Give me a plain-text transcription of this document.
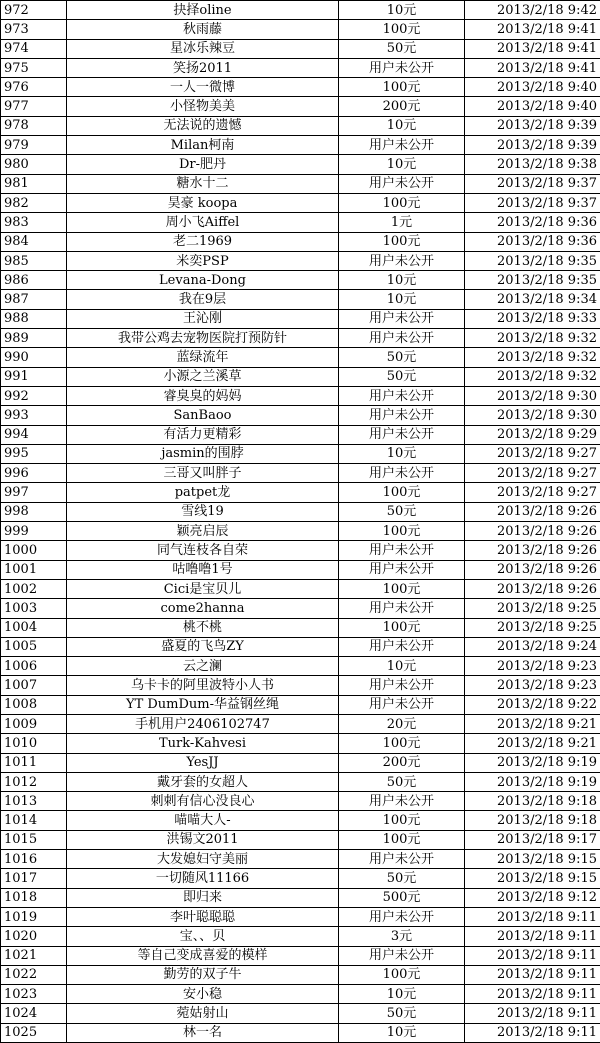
972	抉择oline	10元	2013/2/18 9:42
973	秋雨藤	100元	2013/2/18 9:41
974	星冰乐辣豆	50元	2013/2/18 9:41
975	笑扬2011	用户未公开	2013/2/18 9:41
976	一人一微博	100元	2013/2/18 9:40
977	小怪物美美	200元	2013/2/18 9:40
978	无法说的遗憾	10元	2013/2/18 9:39
979	Milan柯南	用户未公开	2013/2/18 9:39
980	Dr-肥丹	10元	2013/2/18 9:38
981	糖水十二	用户未公开	2013/2/18 9:37
982	昊豪 koopa	100元	2013/2/18 9:37
983	周小飞Aiffel	1元	2013/2/18 9:36
984	老二1969	100元	2013/2/18 9:36
985	米奕PSP	用户未公开	2013/2/18 9:35
986	Levana-Dong	10元	2013/2/18 9:35
987	我在9层	10元	2013/2/18 9:34
988	王沁刚	用户未公开	2013/2/18 9:33
989	我带公鸡去宠物医院打预防针	用户未公开	2013/2/18 9:32
990	蓝绿流年	50元	2013/2/18 9:32
991	小源之兰溪草	50元	2013/2/18 9:32
992	睿臭臭的妈妈	用户未公开	2013/2/18 9:30
993	SanBaoo	用户未公开	2013/2/18 9:30
994	有活力更精彩	用户未公开	2013/2/18 9:29
995	jasmin的围脖	10元	2013/2/18 9:27
996	三哥又叫胖子	用户未公开	2013/2/18 9:27
997	patpet龙	100元	2013/2/18 9:27
998	雪线19	50元	2013/2/18 9:26
999	颖亮启辰	100元	2013/2/18 9:26
1000	同气连枝各自荣	用户未公开	2013/2/18 9:26
1001	咕噜噜1号	用户未公开	2013/2/18 9:26
1002	Cici是宝贝儿	100元	2013/2/18 9:26
1003	come2hanna	用户未公开	2013/2/18 9:25
1004	桃不桃	100元	2013/2/18 9:25
1005	盛夏的飞鸟ZY	用户未公开	2013/2/18 9:24
1006	云之澜	10元	2013/2/18 9:23
1007	乌卡卡的阿里波特小人书	用户未公开	2013/2/18 9:23
1008	YT DumDum-华益钢丝绳	用户未公开	2013/2/18 9:22
1009	手机用户2406102747	20元	2013/2/18 9:21
1010	Turk-Kahvesi	100元	2013/2/18 9:21
1011	YesJJ	200元	2013/2/18 9:19
1012	戴牙套的女超人	50元	2013/2/18 9:19
1013	刺刺有信心没良心	用户未公开	2013/2/18 9:18
1014	喵喵大人-	100元	2013/2/18 9:18
1015	洪锡文2011	100元	2013/2/18 9:17
1016	大发媳妇守美丽	用户未公开	2013/2/18 9:15
1017	一切随风11166	50元	2013/2/18 9:15
1018	即归来	500元	2013/2/18 9:12
1019	李叶聪聪聪	用户未公开	2013/2/18 9:11
1020	宝、、贝	3元	2013/2/18 9:11
1021	等自己变成喜爱的模样	用户未公开	2013/2/18 9:11
1022	勤劳的双子牛	100元	2013/2/18 9:11
1023	安小稳	10元	2013/2/18 9:11
1024	菀姑射山	50元	2013/2/18 9:11
1025	林一名	10元	2013/2/18 9:11
